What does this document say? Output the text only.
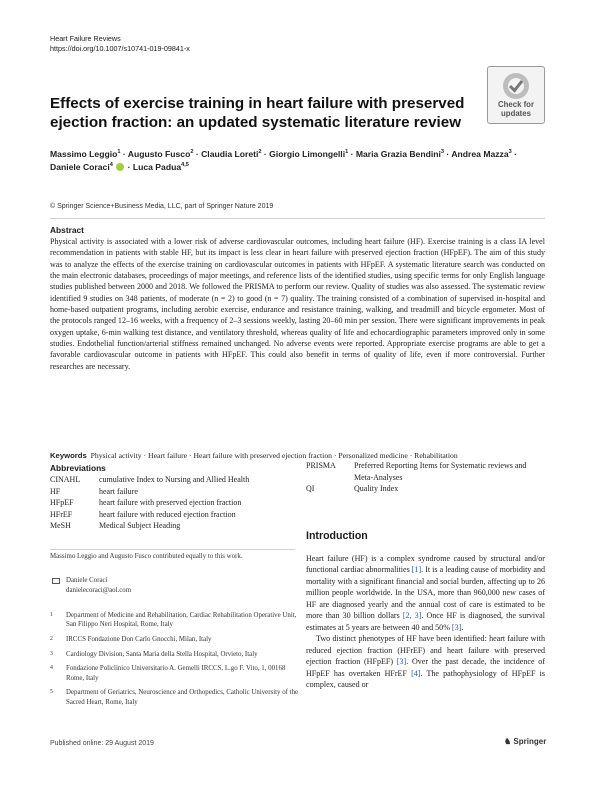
Heart Failure Reviews
https://doi.org/10.1007/s10741-019-09841-x
Check for
updates
Effects of exercise training in heart failure with preserved ejection fraction: an updated systematic literature review
Massimo Leggio$^1$ · Augusto Fusco$^2$ · Claudia Loreti$^2$ · Giorgio Limongelli$^1$ · Maria Grazia Bendini$^3$ · Andrea Mazza$^3$ ·
Daniele Coraci$^4$  · Luca Padua$^{4,5}$
© Springer Science+Business Media, LLC, part of Springer Nature 2019
Abstract
Physical activity is associated with a lower risk of adverse cardiovascular outcomes, including heart failure (HF). Exercise training is a class IA level recommendation in patients with stable HF, but its impact is less clear in heart failure with preserved ejection fraction (HFpEF). The aim of this study was to analyze the effects of the exercise training on cardiovascular outcomes in patients with HFpEF. A systematic literature search was conducted on the main electronic databases, proceedings of major meetings, and reference lists of the identified studies, using specific terms for only English language studies published between 2000 and 2018. We followed the PRISMA to perform our review. Quality of studies was also assessed. The systematic review identified 9 studies on 348 patients, of moderate (n = 2) to good (n = 7) quality. The training consisted of a combination of supervised in-hospital and home-based outpatient programs, including aerobic exercise, endurance and resistance training, walking, and treadmill and bicycle ergometer. Most of the protocols ranged 12–16 weeks, with a frequency of 2–3 sessions weekly, lasting 20–60 min per session. There were significant improvements in peak oxygen uptake, 6-min walking test distance, and ventilatory threshold, whereas quality of life and echocardiographic parameters improved only in some studies. Endothelial function/arterial stiffness remained unchanged. No adverse events were reported. Appropriate exercise programs are able to get a favorable cardiovascular outcome in patients with HFpEF. This could also benefit in terms of quality of life, even if more controversial. Further researches are necessary.
Keywords Physical activity · Heart failure · Heart failure with preserved ejection fraction · Personalized medicine · Rehabilitation
Abbreviations
CINAHL	cumulative Index to Nursing and Allied Health
HF	heart failure
HFpEF	heart failure with preserved ejection fraction
HFrEF	heart failure with reduced ejection fraction
MeSH	Medical Subject Heading
PRISMA	Preferred Reporting Items for Systematic reviews and Meta-Analyses
QI	Quality Index
Massimo Leggio and Augusto Fusco contributed equally to this work.
Daniele Coraci
danielecoraci@aol.com
1	Department of Medicine and Rehabilitation, Cardiac Rehabilitation Operative Unit, San Filippo Neri Hospital, Rome, Italy
2	IRCCS Fondazione Don Carlo Gnocchi, Milan, Italy
3	Cardiology Division, Santa Maria della Stella Hospital, Orvieto, Italy
4	Fondazione Policlinico Universitario A. Gemelli IRCCS, L.go F. Vito, 1, 00168 Rome, Italy
5	Department of Geriatrics, Neuroscience and Orthopedics, Catholic University of the Sacred Heart, Rome, Italy
Introduction

Heart failure (HF) is a complex syndrome caused by structural and/or functional cardiac abnormalities [1]. It is a leading cause of morbidity and mortality with a significant financial and social burden, affecting up to 26 million people worldwide. In the USA, more than 960,000 new cases of HF are diagnosed yearly and the annual cost of care is estimated to be more than 30 billion dollars [2, 3]. Once HF is diagnosed, the survival estimates at 5 years are between 40 and 50% [3].

Two distinct phenotypes of HF have been identified: heart failure with reduced ejection fraction (HFrEF) and heart failure with preserved ejection fraction (HFpEF) [3]. Over the past decade, the incidence of HFpEF has overtaken HFrEF [4]. The pathophysiology of HFpEF is complex, caused or

Published online: 29 August 2019	♞ Springer
